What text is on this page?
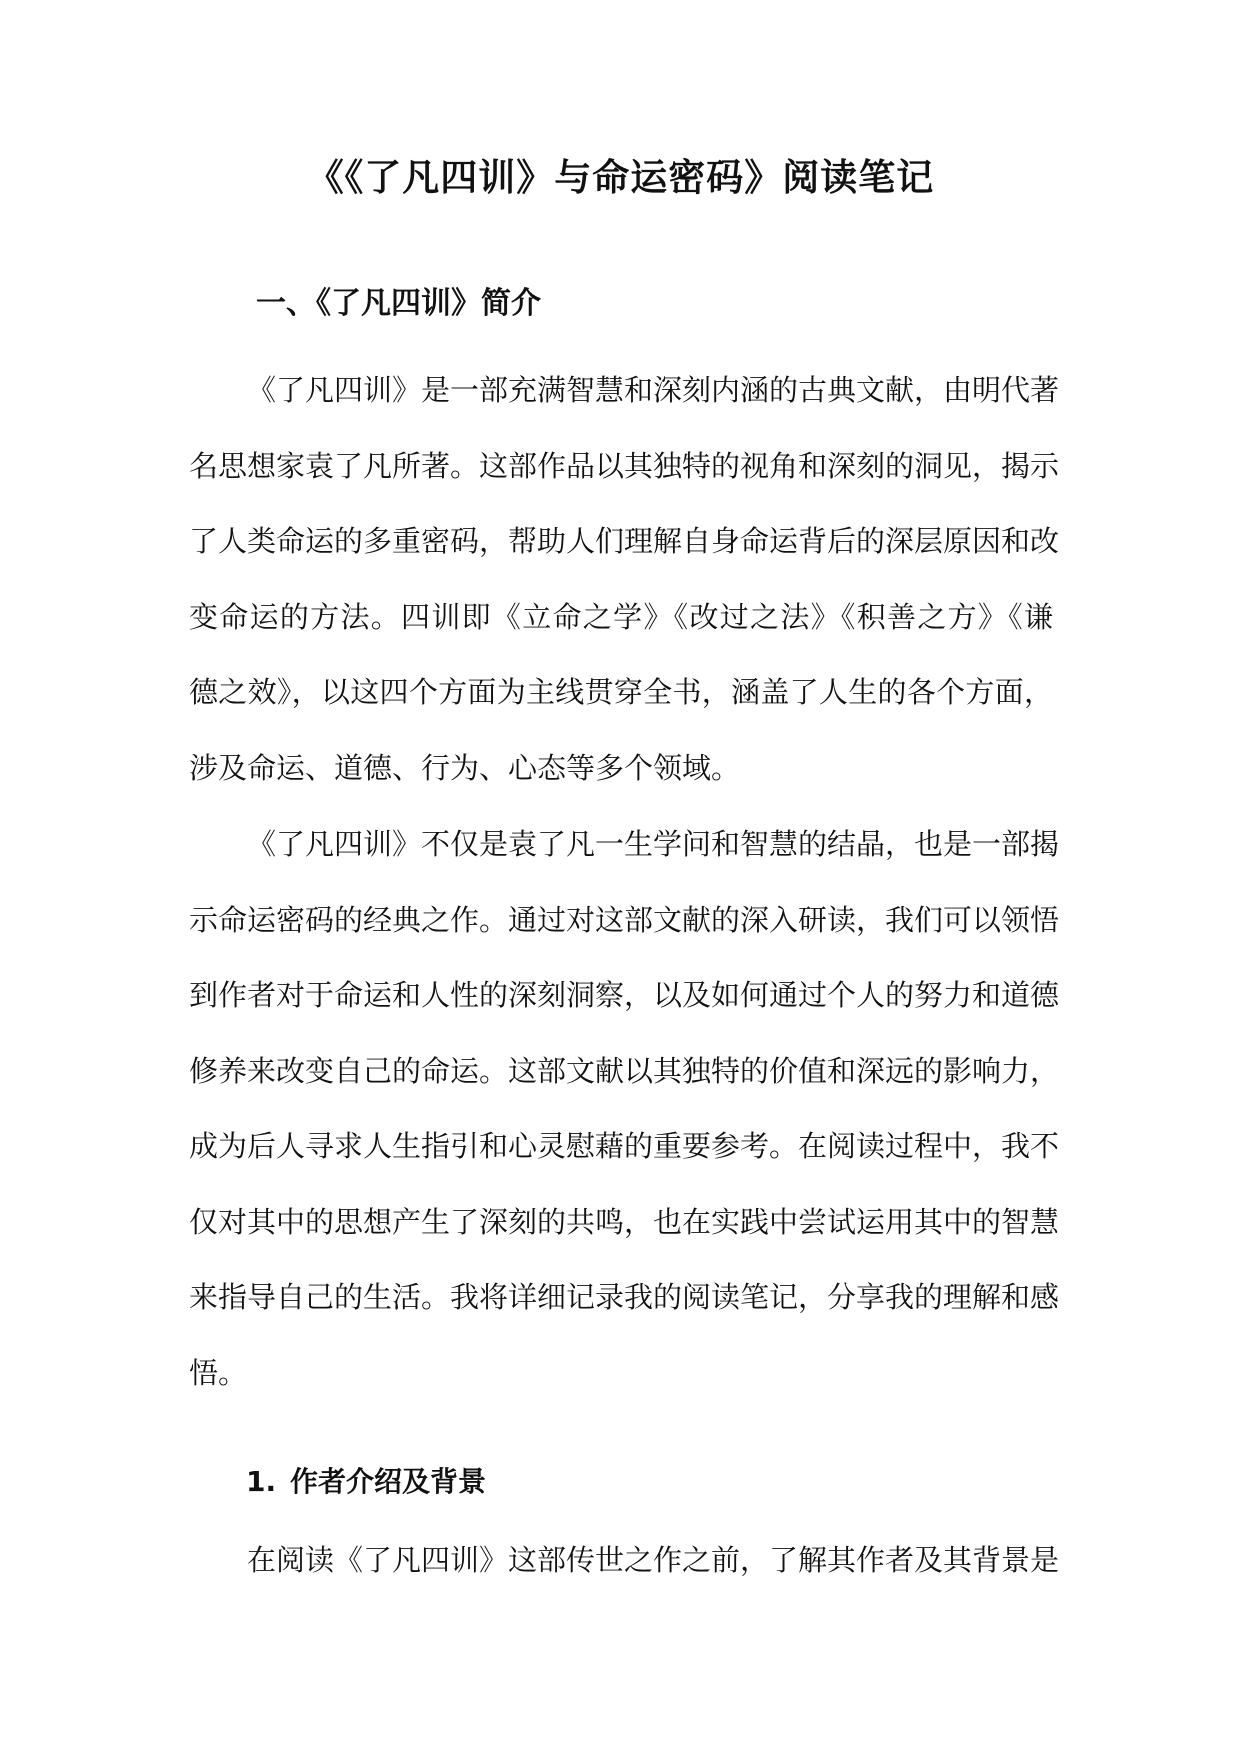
《《了凡四训》与命运密码》阅读笔记
一、《了凡四训》简介
《了凡四训》是一部充满智慧和深刻内涵的古典文献，由明代著
名思想家袁了凡所著。这部作品以其独特的视角和深刻的洞见，揭示
了人类命运的多重密码，帮助人们理解自身命运背后的深层原因和改
变命运的方法。四训即《立命之学》《改过之法》《积善之方》《谦
德之效》，以这四个方面为主线贯穿全书，涵盖了人生的各个方面，
涉及命运、道德、行为、心态等多个领域。
《了凡四训》不仅是袁了凡一生学问和智慧的结晶，也是一部揭
示命运密码的经典之作。通过对这部文献的深入研读，我们可以领悟
到作者对于命运和人性的深刻洞察，以及如何通过个人的努力和道德
修养来改变自己的命运。这部文献以其独特的价值和深远的影响力，
成为后人寻求人生指引和心灵慰藉的重要参考。在阅读过程中，我不
仅对其中的思想产生了深刻的共鸣，也在实践中尝试运用其中的智慧
来指导自己的生活。我将详细记录我的阅读笔记，分享我的理解和感
悟。
1. 作者介绍及背景
在阅读《了凡四训》这部传世之作之前，了解其作者及其背景是
